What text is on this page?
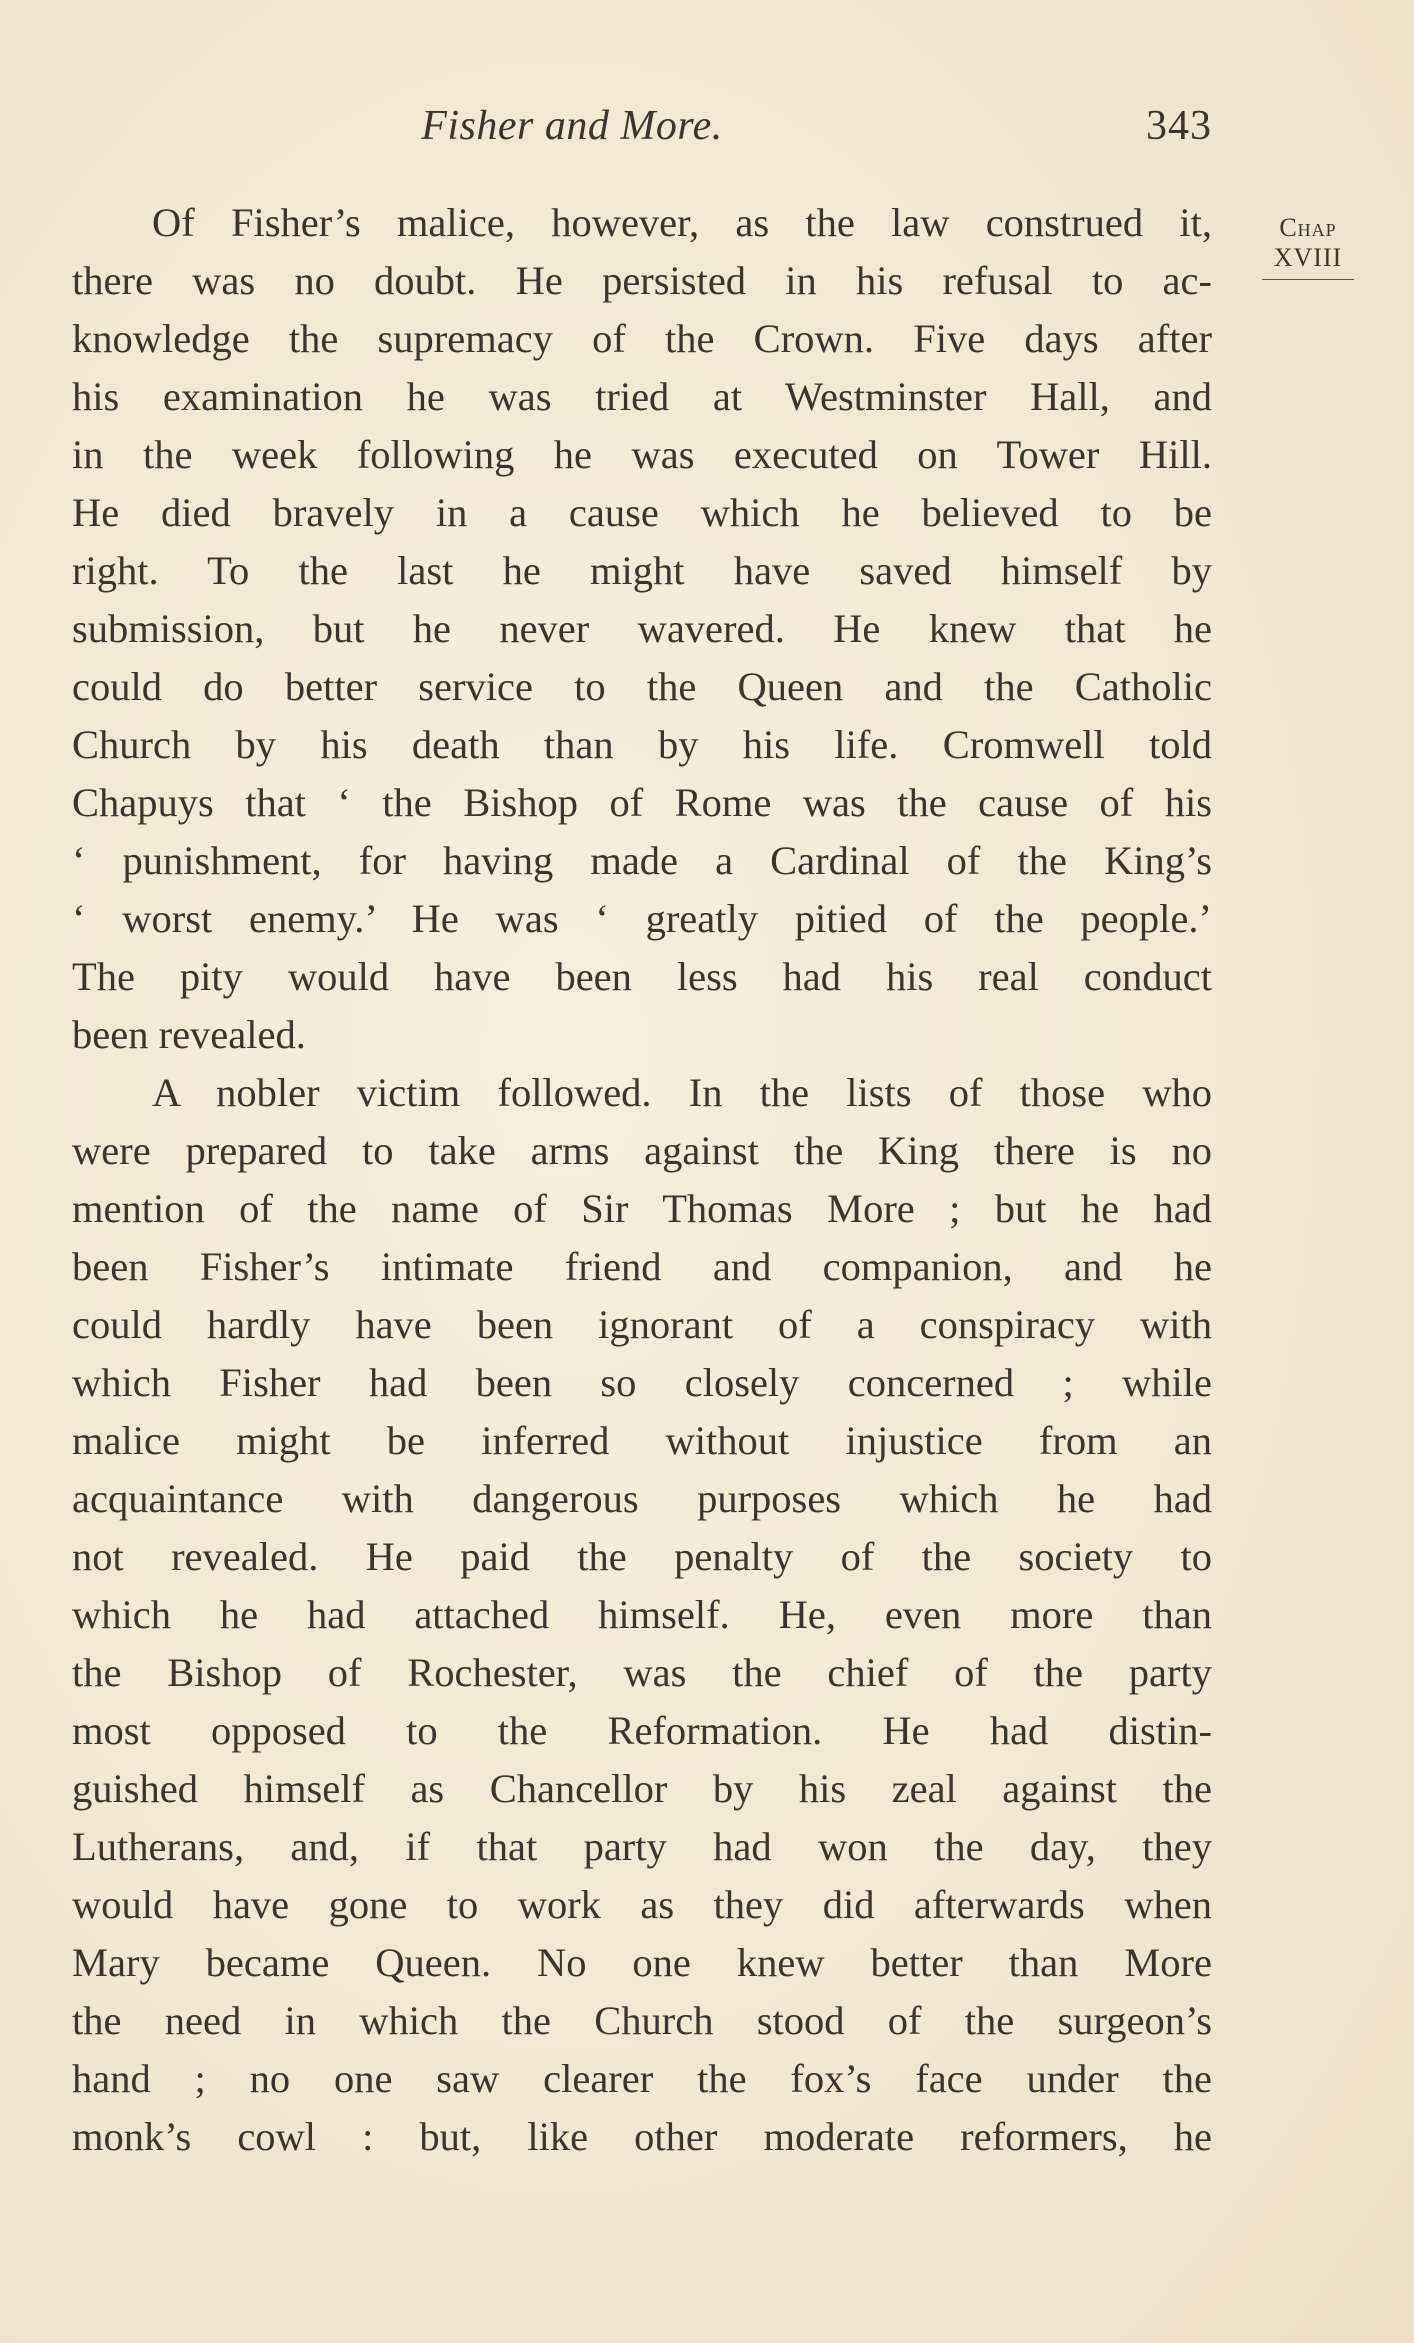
Fisher and More.	343
Chap
XVIII
Of Fisher’s malice, however, as the law construed it,
there was no doubt. He persisted in his refusal to ac-
knowledge the supremacy of the Crown. Five days after
his examination he was tried at Westminster Hall, and
in the week following he was executed on Tower Hill.
He died bravely in a cause which he believed to be
right. To the last he might have saved himself by
submission, but he never wavered. He knew that he
could do better service to the Queen and the Catholic
Church by his death than by his life. Cromwell told
Chapuys that ‘ the Bishop of Rome was the cause of his
‘ punishment, for having made a Cardinal of the King’s
‘ worst enemy.’ He was ‘ greatly pitied of the people.’
The pity would have been less had his real conduct
been revealed.
A nobler victim followed. In the lists of those who
were prepared to take arms against the King there is no
mention of the name of Sir Thomas More ; but he had
been Fisher’s intimate friend and companion, and he
could hardly have been ignorant of a conspiracy with
which Fisher had been so closely concerned ; while
malice might be inferred without injustice from an
acquaintance with dangerous purposes which he had
not revealed. He paid the penalty of the society to
which he had attached himself. He, even more than
the Bishop of Rochester, was the chief of the party
most opposed to the Reformation. He had distin-
guished himself as Chancellor by his zeal against the
Lutherans, and, if that party had won the day, they
would have gone to work as they did afterwards when
Mary became Queen. No one knew better than More
the need in which the Church stood of the surgeon’s
hand ; no one saw clearer the fox’s face under the
monk’s cowl : but, like other moderate reformers, he
